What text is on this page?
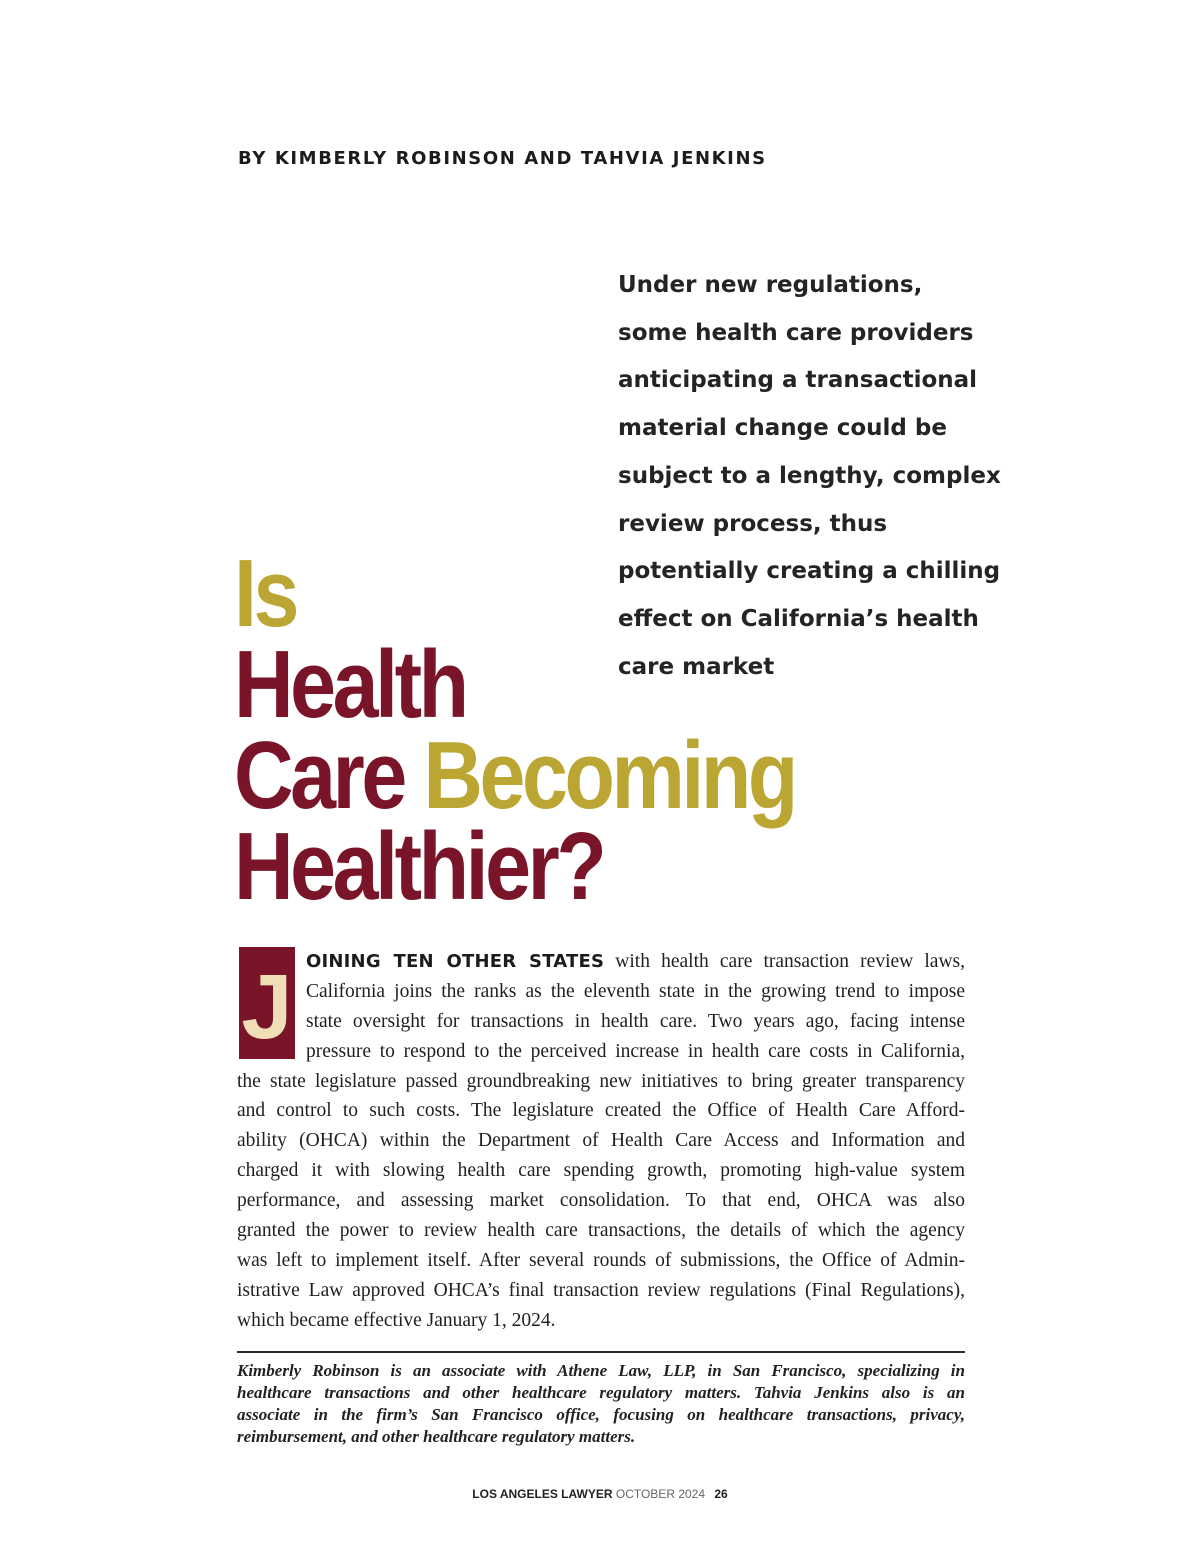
BY KIMBERLY ROBINSON AND TAHVIA JENKINS
Under new regulations,
some health care providers
anticipating a transactional
material change could be
subject to a lengthy, complex
review process, thus
potentially creating a chilling
effect on California’s health
care market
Is
Health
Care Becoming
Healthier?
J OINING TEN OTHER STATES with health care transaction review laws,
California joins the ranks as the eleventh state in the growing trend to impose
state oversight for transactions in health care. Two years ago, facing intense
pressure to respond to the perceived increase in health care costs in California,
the state legislature passed groundbreaking new initiatives to bring greater transparency
and control to such costs. The legislature created the Office of Health Care Afford-
ability (OHCA) within the Department of Health Care Access and Information and
charged it with slowing health care spending growth, promoting high-value system
performance, and assessing market consolidation. To that end, OHCA was also
granted the power to review health care transactions, the details of which the agency
was left to implement itself. After several rounds of submissions, the Office of Admin-
istrative Law approved OHCA’s final transaction review regulations (Final Regulations),
which became effective January 1, 2024.
Kimberly Robinson is an associate with Athene Law, LLP, in San Francisco, specializing in
healthcare transactions and other healthcare regulatory matters. Tahvia Jenkins also is an
associate in the firm’s San Francisco office, focusing on healthcare transactions, privacy,
reimbursement, and other healthcare regulatory matters.
LOS ANGELES LAWYER OCTOBER 2024 26
